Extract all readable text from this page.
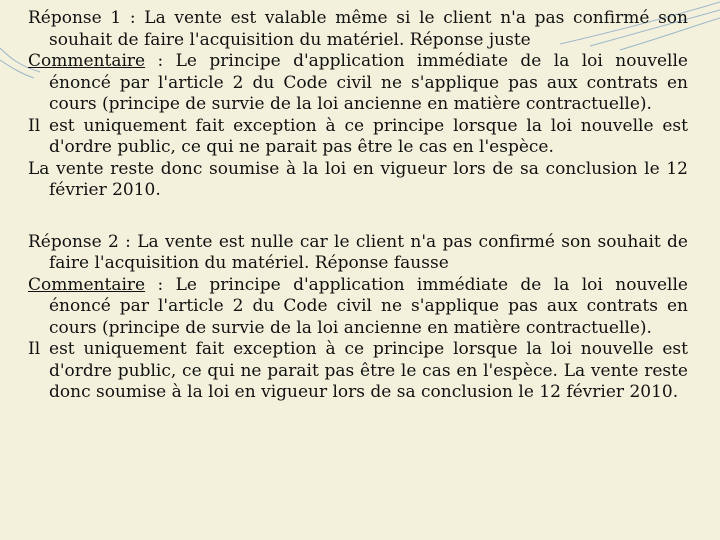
Réponse 1 : La vente est valable même si le client n'a pas confirmé son souhait de faire l'acquisition du matériel. Réponse juste

Commentaire : Le principe d'application immédiate de la loi nouvelle énoncé par l'article 2 du Code civil ne s'applique pas aux contrats en cours (principe de survie de la loi ancienne en matière contractuelle).

Il est uniquement fait exception à ce principe lorsque la loi nouvelle est d'ordre public, ce qui ne parait pas être le cas en l'espèce.

La vente reste donc soumise à la loi en vigueur lors de sa conclusion le 12 février 2010.

Réponse 2 : La vente est nulle car le client n'a pas confirmé son souhait de faire l'acquisition du matériel. Réponse fausse

Commentaire : Le principe d'application immédiate de la loi nouvelle énoncé par l'article 2 du Code civil ne s'applique pas aux contrats en cours (principe de survie de la loi ancienne en matière contractuelle).

Il est uniquement fait exception à ce principe lorsque la loi nouvelle est d'ordre public, ce qui ne parait pas être le cas en l'espèce. La vente reste donc soumise à la loi en vigueur lors de sa conclusion le 12 février 2010.
